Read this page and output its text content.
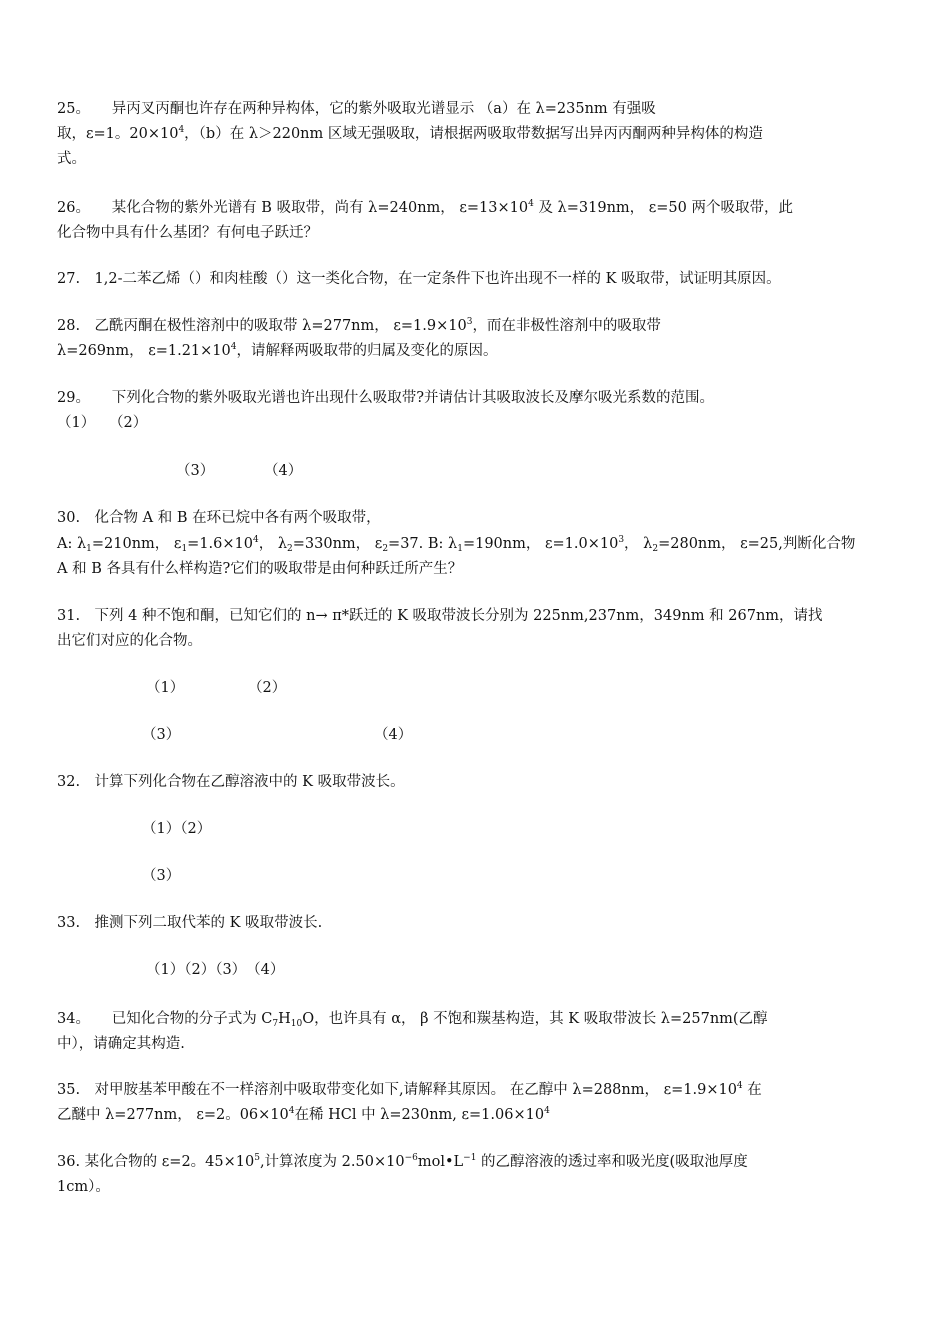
25。　　异丙叉丙酮也许存在两种异构体，它的紫外吸取光谱显示 （a）在 λ=235nm 有强吸
取，ε=1。$20\times 10^4$，（b）在 λ＞220nm 区域无强吸取，请根据两吸取带数据写出异丙丙酮两种异构体的构造
式。
26。　　某化合物的紫外光谱有 B 吸取带，尚有 λ=240nm， $\varepsilon=13\times 10^4$ 及 λ=319nm， ε=50 两个吸取带，此
化合物中具有什么基团？有何电子跃迁？
27.　1,2-二苯乙烯（）和肉桂酸（）这一类化合物，在一定条件下也许出现不一样的 K 吸取带，试证明其原因。
28.　乙酰丙酮在极性溶剂中的吸取带 λ=277nm， $\varepsilon=1.9\times 10^3$，而在非极性溶剂中的吸取带
λ=269nm， $\varepsilon=1.21\times 10^4$，请解释两吸取带的归属及变化的原因。
29。　　下列化合物的紫外吸取光谱也许出现什么吸取带?并请估计其吸取波长及摩尔吸光系数的范围。
（1） （2）
（3）	（4）
30.　化合物 A 和 B 在环已烷中各有两个吸取带，
A: $\lambda_1=210nm$， $\varepsilon_1=1.6\times 10^4$， $\lambda_2=330nm$， $\varepsilon_2=37$. B: $\lambda_1=190nm$， $\varepsilon=1.0\times 10^3$， $\lambda_2=280nm$， ε=25,判断化合物
A 和 B 各具有什么样构造?它们的吸取带是由何种跃迁所产生？
31.　下列 4 种不饱和酮，已知它们的 n→ π*跃迁的 K 吸取带波长分别为 225nm,237nm，349nm 和 267nm，请找
出它们对应的化合物。
（1）	（2）
（3）	（4）
32.　计算下列化合物在乙醇溶液中的 K 吸取带波长。
（1）（2）
（3）
33.　推测下列二取代苯的 K 吸取带波长.
（1）（2）（3）　（4）
34。　　已知化合物的分子式为 $C_7H_{10}O$，也许具有 α， β 不饱和羰基构造，其 K 吸取带波长 λ=257nm(乙醇
中），请确定其构造.
35.　对甲胺基苯甲酸在不一样溶剂中吸取带变化如下,请解释其原因。 在乙醇中 λ=288nm， $\varepsilon=1.9\times 10^4$ 在
乙醚中 λ=277nm， ε=2。$06\times 10^4$在稀 HCl 中 λ=230nm, $\varepsilon=1.06\times 10^4$
36. 某化合物的 ε=2。$45\times 10^5$,计算浓度为 $2.50\times 10^{-6}mol•L^{-1}$ 的乙醇溶液的透过率和吸光度(吸取池厚度
1cm）。
